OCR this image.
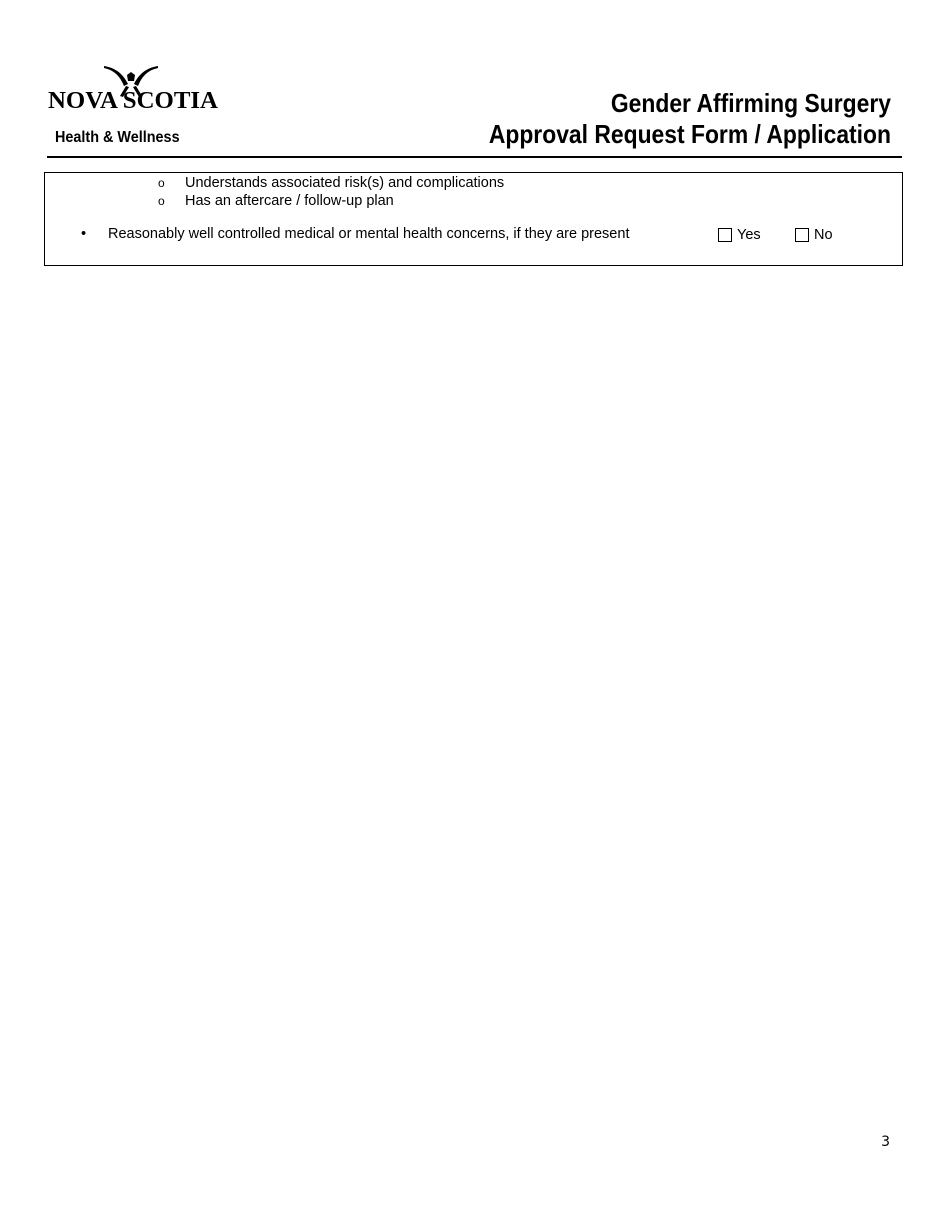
NOVA SCOTIA
Health & Wellness
Gender Affirming Surgery
Approval Request Form / Application
o Understands associated risk(s) and complications
o Has an aftercare / follow-up plan
• Reasonably well controlled medical or mental health concerns, if they are present	Yes	No
3
